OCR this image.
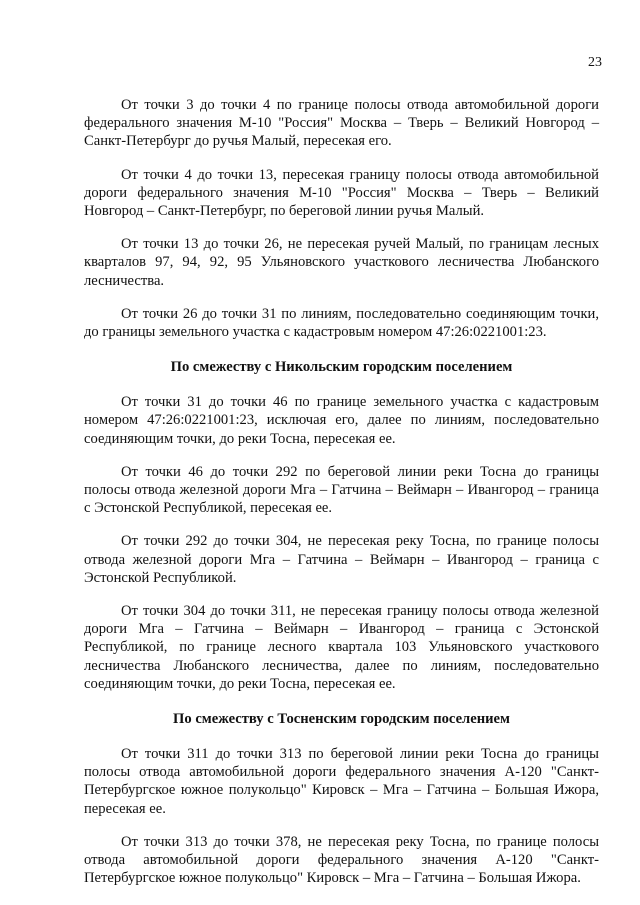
23

От точки 3 до точки 4 по границе полосы отвода автомобильной дороги федерального значения М-10 "Россия" Москва – Тверь – Великий Новгород – Санкт-Петербург до ручья Малый, пересекая его.

От точки 4 до точки 13, пересекая границу полосы отвода автомобильной дороги федерального значения М-10 "Россия" Москва – Тверь – Великий Новгород – Санкт-Петербург, по береговой линии ручья Малый.

От точки 13 до точки 26, не пересекая ручей Малый, по границам лесных кварталов 97, 94, 92, 95 Ульяновского участкового лесничества Любанского лесничества.

От точки 26 до точки 31 по линиям, последовательно соединяющим точки, до границы земельного участка с кадастровым номером 47:26:0221001:23.

По смежеству с Никольским городским поселением

От точки 31 до точки 46 по границе земельного участка с кадастровым номером 47:26:0221001:23, исключая его, далее по линиям, последовательно соединяющим точки, до реки Тосна, пересекая ее.

От точки 46 до точки 292 по береговой линии реки Тосна до границы полосы отвода железной дороги Мга – Гатчина – Веймарн – Ивангород – граница с Эстонской Республикой, пересекая ее.

От точки 292 до точки 304, не пересекая реку Тосна, по границе полосы отвода железной дороги Мга – Гатчина – Веймарн – Ивангород – граница с Эстонской Республикой.

От точки 304 до точки 311, не пересекая границу полосы отвода железной дороги Мга – Гатчина – Веймарн – Ивангород – граница с Эстонской Республикой, по границе лесного квартала 103 Ульяновского участкового лесничества Любанского лесничества, далее по линиям, последовательно соединяющим точки, до реки Тосна, пересекая ее.

По смежеству с Тосненским городским поселением

От точки 311 до точки 313 по береговой линии реки Тосна до границы полосы отвода автомобильной дороги федерального значения А-120 "Санкт-Петербургское южное полукольцо" Кировск – Мга – Гатчина – Большая Ижора, пересекая ее.

От точки 313 до точки 378, не пересекая реку Тосна, по границе полосы отвода автомобильной дороги федерального значения А-120 "Санкт-Петербургское южное полукольцо" Кировск – Мга – Гатчина – Большая Ижора.
